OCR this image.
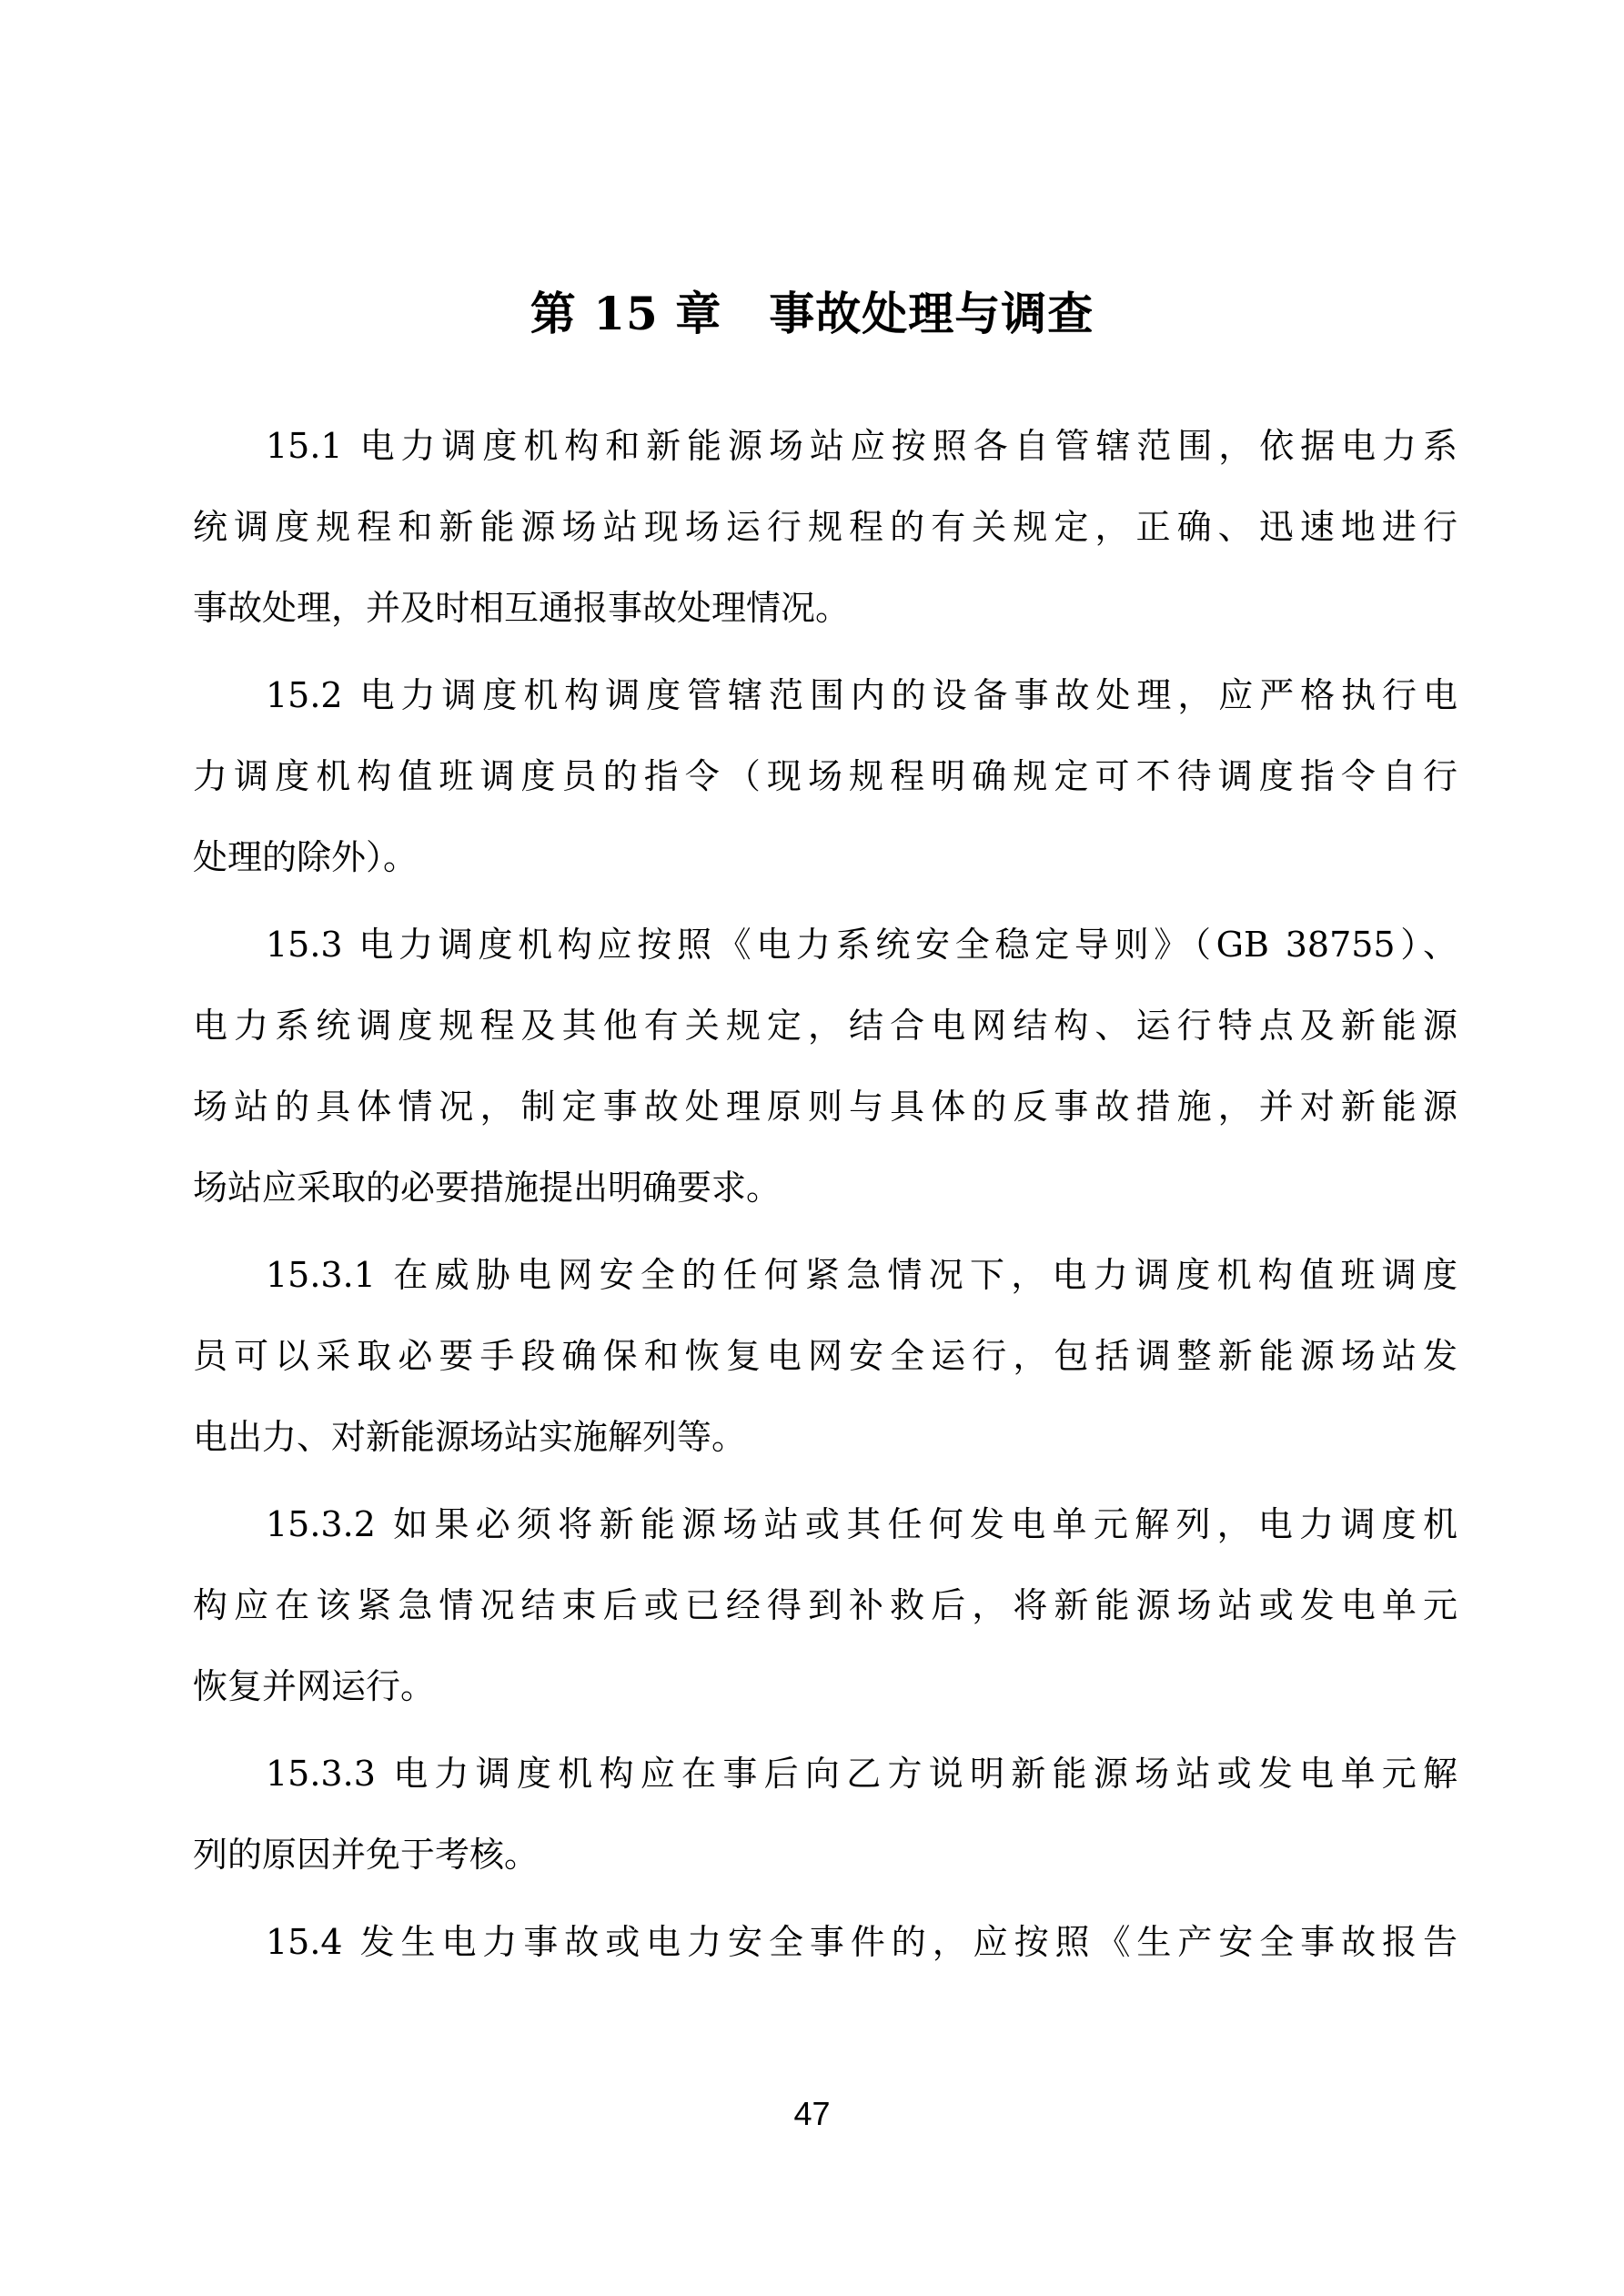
第 15 章 事故处理与调查
15.1 电力调度机构和新能源场站应按照各自管辖范围，依据电力系
统调度规程和新能源场站现场运行规程的有关规定，正确、迅速地进行
事故处理，并及时相互通报事故处理情况。
15.2 电力调度机构调度管辖范围内的设备事故处理，应严格执行电
力调度机构值班调度员的指令（现场规程明确规定可不待调度指令自行
处理的除外）。
15.3 电力调度机构应按照《电力系统安全稳定导则》（GB 38755）、
电力系统调度规程及其他有关规定，结合电网结构、运行特点及新能源
场站的具体情况，制定事故处理原则与具体的反事故措施，并对新能源
场站应采取的必要措施提出明确要求。
15.3.1 在威胁电网安全的任何紧急情况下，电力调度机构值班调度
员可以采取必要手段确保和恢复电网安全运行，包括调整新能源场站发
电出力、对新能源场站实施解列等。
15.3.2 如果必须将新能源场站或其任何发电单元解列，电力调度机
构应在该紧急情况结束后或已经得到补救后，将新能源场站或发电单元
恢复并网运行。
15.3.3 电力调度机构应在事后向乙方说明新能源场站或发电单元解
列的原因并免于考核。
15.4 发生电力事故或电力安全事件的，应按照《生产安全事故报告
47
